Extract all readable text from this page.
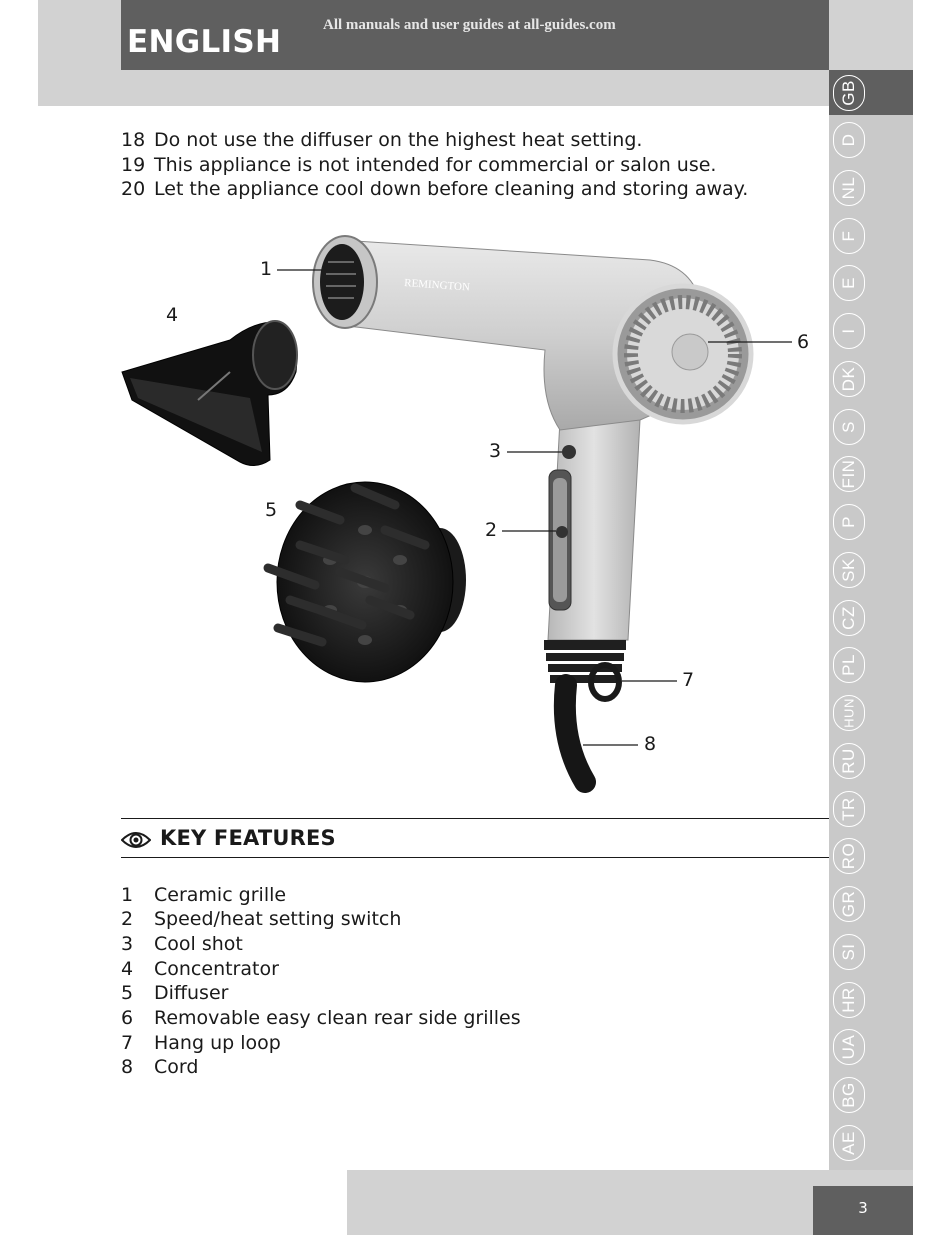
ENGLISH	All manuals and user guides at all-guides.com
GB
D
NL
F
E
I
DK
S
FIN
P
SK
CZ
PL
HUN
RU
TR
RO
GR
SI
HR
UA
BG
AE
18 Do not use the diffuser on the highest heat setting.
19 This appliance is not intended for commercial or salon use.
20 Let the appliance cool down before cleaning and storing away.
REMINGTON
1
2
3
4
5
6
7
8
KEY FEATURES
1 Ceramic grille
2 Speed/heat setting switch
3 Cool shot
4 Concentrator
5 Diffuser
6 Removable easy clean rear side grilles
7 Hang up loop
8 Cord
3
